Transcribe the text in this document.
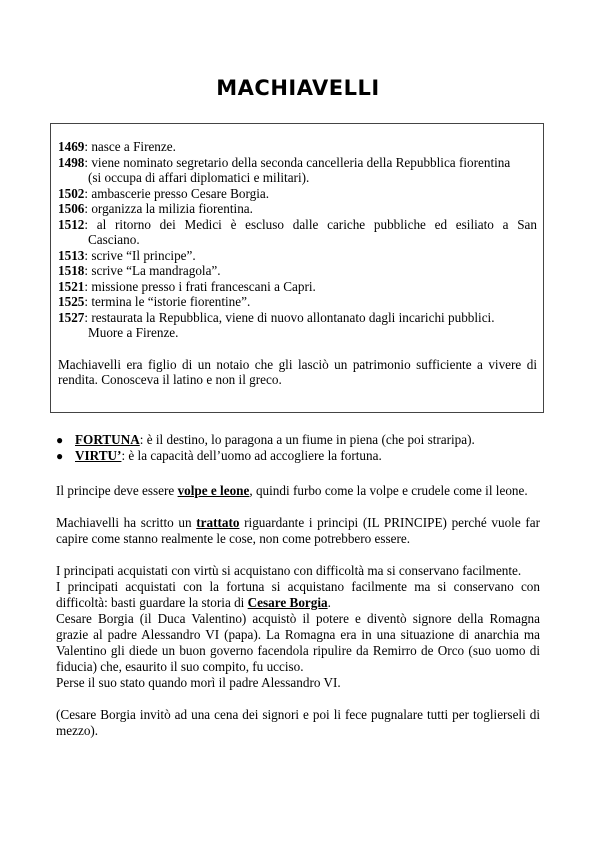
MACHIAVELLI
1469: nasce a Firenze.
1498: viene nominato segretario della seconda cancelleria della Repubblica fiorentina
(si occupa di affari diplomatici e militari).
1502: ambascerie presso Cesare Borgia.
1506: organizza la milizia fiorentina.
1512: al ritorno dei Medici è escluso dalle cariche pubbliche ed esiliato a San
Casciano.
1513: scrive “Il principe”.
1518: scrive “La mandragola”.
1521: missione presso i frati francescani a Capri.
1525: termina le “istorie fiorentine”.
1527: restaurata la Repubblica, viene di nuovo allontanato dagli incarichi pubblici.
Muore a Firenze.
Machiavelli era figlio di un notaio che gli lasciò un patrimonio sufficiente a vivere di rendita. Conosceva il latino e non il greco.
● FORTUNA: è il destino, lo paragona a un fiume in piena (che poi straripa).
● VIRTU’: è la capacità dell’uomo ad accogliere la fortuna.

Il principe deve essere volpe e leone, quindi furbo come la volpe e crudele come il leone.

Machiavelli ha scritto un trattato riguardante i principi (IL PRINCIPE) perché vuole far capire come stanno realmente le cose, non come potrebbero essere.

I principati acquistati con virtù si acquistano con difficoltà ma si conservano facilmente.

I principati acquistati con la fortuna si acquistano facilmente ma si conservano con difficoltà: basti guardare la storia di Cesare Borgia.

Cesare Borgia (il Duca Valentino) acquistò il potere e diventò signore della Romagna grazie al padre Alessandro VI (papa). La Romagna era in una situazione di anarchia ma Valentino gli diede un buon governo facendola ripulire da Remirro de Orco (suo uomo di fiducia) che, esaurito il suo compito, fu ucciso.

Perse il suo stato quando morì il padre Alessandro VI.

(Cesare Borgia invitò ad una cena dei signori e poi li fece pugnalare tutti per toglierseli di mezzo).
